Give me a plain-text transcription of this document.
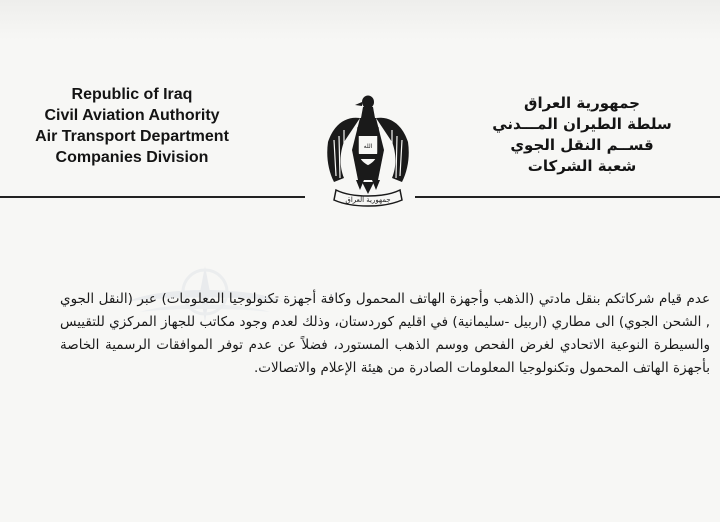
Republic of Iraq
Civil Aviation Authority
Air Transport Department
Companies Division
جمهورية العراق
سلطة الطيران المـــدني
قســم النقل الجوي
شعبة الشركات
الله
جمهورية العراق

عدم قيام شركاتكم بنقل مادتي (الذهب وأجهزة الهاتف المحمول وكافة أجهزة تكنولوجيا المعلومات) عبر (النقل الجوي , الشحن الجوي) الى مطاري (اربيل -سليمانية) في اقليم كوردستان، وذلك لعدم وجود مكاتب للجهاز المركزي للتقييس والسيطرة النوعية الاتحادي لغرض الفحص ووسم الذهب المستورد، فضلاً عن عدم توفر الموافقات الرسمية الخاصة بأجهزة الهاتف المحمول وتكنولوجيا المعلومات الصادرة من هيئة الإعلام والاتصالات.
